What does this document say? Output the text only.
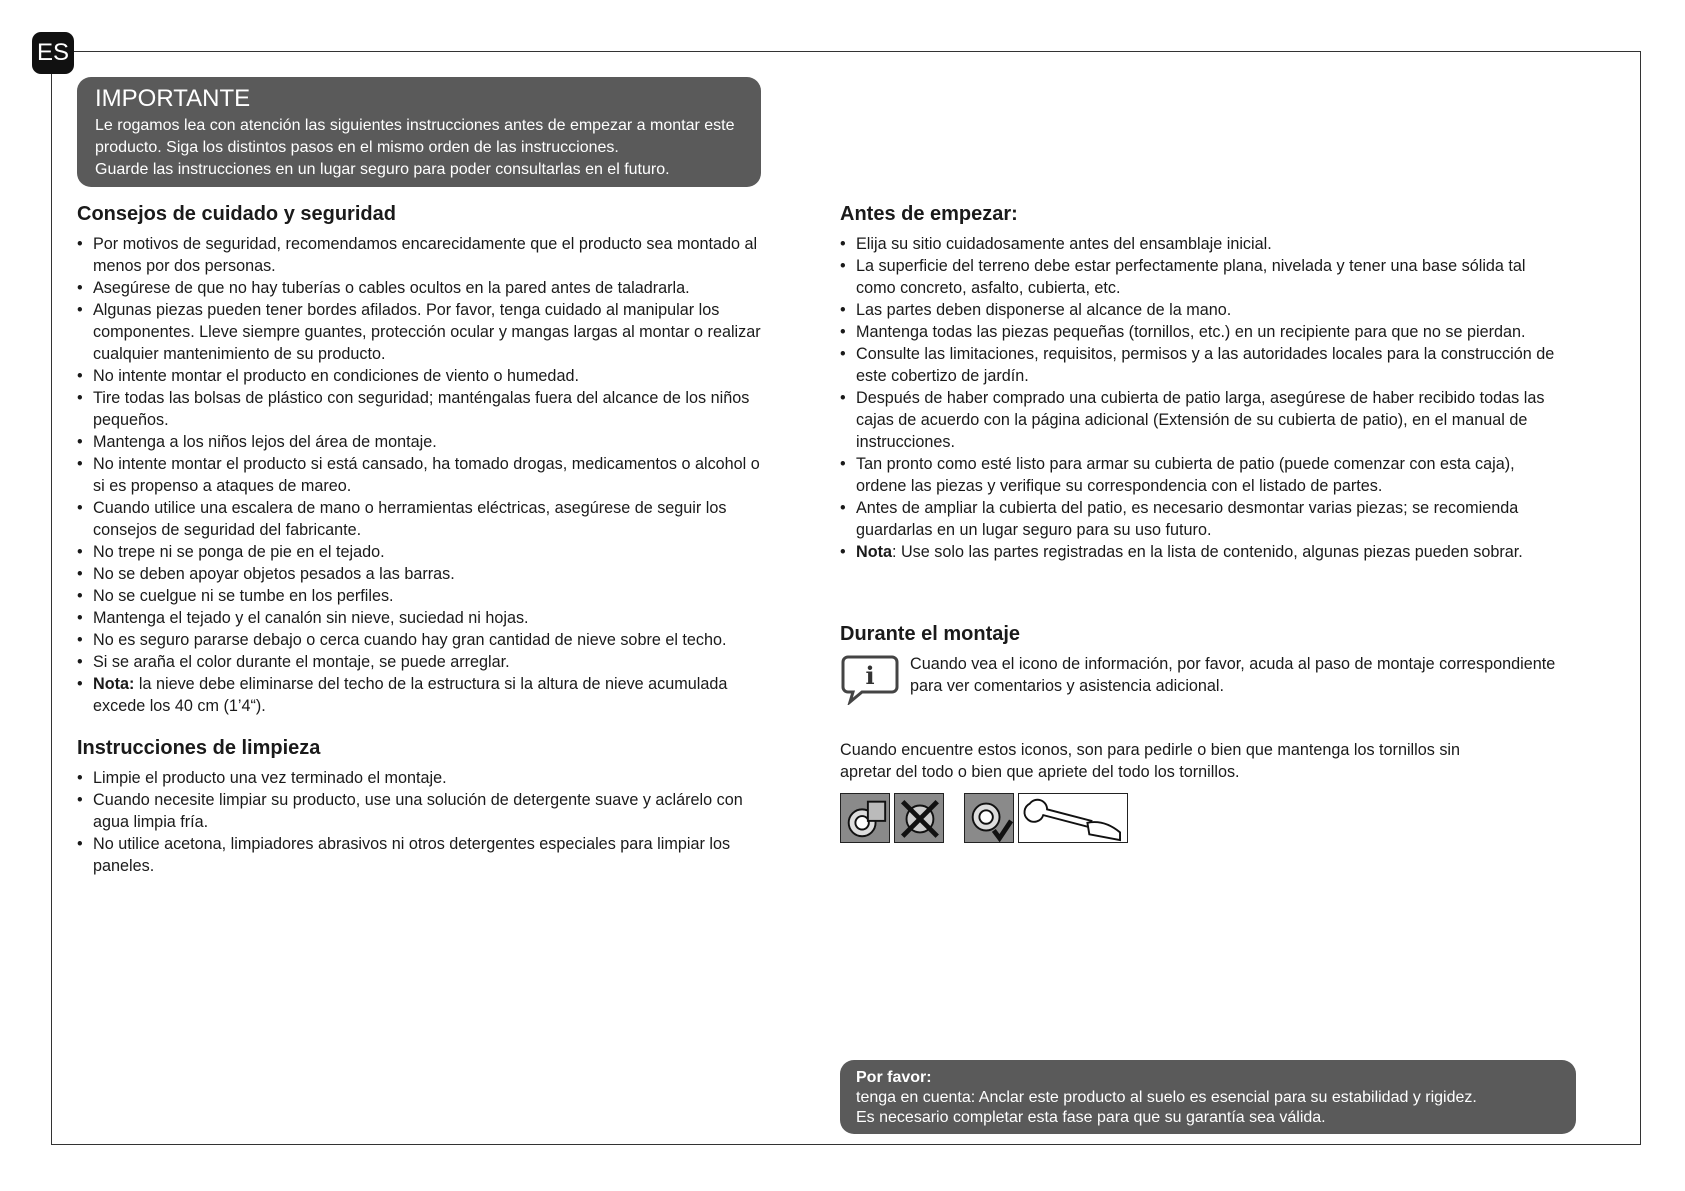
ES
IMPORTANTE
Le rogamos lea con atención las siguientes instrucciones antes de empezar a montar este
producto. Siga los distintos pasos en el mismo orden de las instrucciones.
Guarde las instrucciones en un lugar seguro para poder consultarlas en el futuro.
Consejos de cuidado y seguridad
• Por motivos de seguridad, recomendamos encarecidamente que el producto sea montado al menos por dos personas.
• Asegúrese de que no hay tuberías o cables ocultos en la pared antes de taladrarla.
• Algunas piezas pueden tener bordes afilados. Por favor, tenga cuidado al manipular los componentes. Lleve siempre guantes, protección ocular y mangas largas al montar o realizar cualquier mantenimiento de su producto.
• No intente montar el producto en condiciones de viento o humedad.
• Tire todas las bolsas de plástico con seguridad; manténgalas fuera del alcance de los niños pequeños.
• Mantenga a los niños lejos del área de montaje.
• No intente montar el producto si está cansado, ha tomado drogas, medicamentos o alcohol o si es propenso a ataques de mareo.
• Cuando utilice una escalera de mano o herramientas eléctricas, asegúrese de seguir los consejos de seguridad del fabricante.
• No trepe ni se ponga de pie en el tejado.
• No se deben apoyar objetos pesados a las barras.
• No se cuelgue ni se tumbe en los perfiles.
• Mantenga el tejado y el canalón sin nieve, suciedad ni hojas.
• No es seguro pararse debajo o cerca cuando hay gran cantidad de nieve sobre el techo.
• Si se araña el color durante el montaje, se puede arreglar.
• Nota: la nieve debe eliminarse del techo de la estructura si la altura de nieve acumulada excede los 40 cm (1’4“).
Instrucciones de limpieza
• Limpie el producto una vez terminado el montaje.
• Cuando necesite limpiar su producto, use una solución de detergente suave y aclárelo con agua limpia fría.
• No utilice acetona, limpiadores abrasivos ni otros detergentes especiales para limpiar los paneles.
Antes de empezar:
• Elija su sitio cuidadosamente antes del ensamblaje inicial.
• La superficie del terreno debe estar perfectamente plana, nivelada y tener una base sólida tal como concreto, asfalto, cubierta, etc.
• Las partes deben disponerse al alcance de la mano.
• Mantenga todas las piezas pequeñas (tornillos, etc.) en un recipiente para que no se pierdan.
• Consulte las limitaciones, requisitos, permisos y a las autoridades locales para la construcción de este cobertizo de jardín.
• Después de haber comprado una cubierta de patio larga, asegúrese de haber recibido todas las cajas de acuerdo con la página adicional (Extensión de su cubierta de patio), en el manual de instrucciones.
• Tan pronto como esté listo para armar su cubierta de patio (puede comenzar con esta caja), ordene las piezas y verifique su correspondencia con el listado de partes.
• Antes de ampliar la cubierta del patio, es necesario desmontar varias piezas; se recomienda guardarlas en un lugar seguro para su uso futuro.
• Nota: Use solo las partes registradas en la lista de contenido, algunas piezas pueden sobrar.
Durante el montaje
i Cuando vea el icono de información, por favor, acuda al paso de montaje correspondiente para ver comentarios y asistencia adicional.
Cuando encuentre estos iconos, son para pedirle o bien que mantenga los tornillos sin apretar del todo o bien que apriete del todo los tornillos.
Por favor:
tenga en cuenta: Anclar este producto al suelo es esencial para su estabilidad y rigidez.
Es necesario completar esta fase para que su garantía sea válida.
